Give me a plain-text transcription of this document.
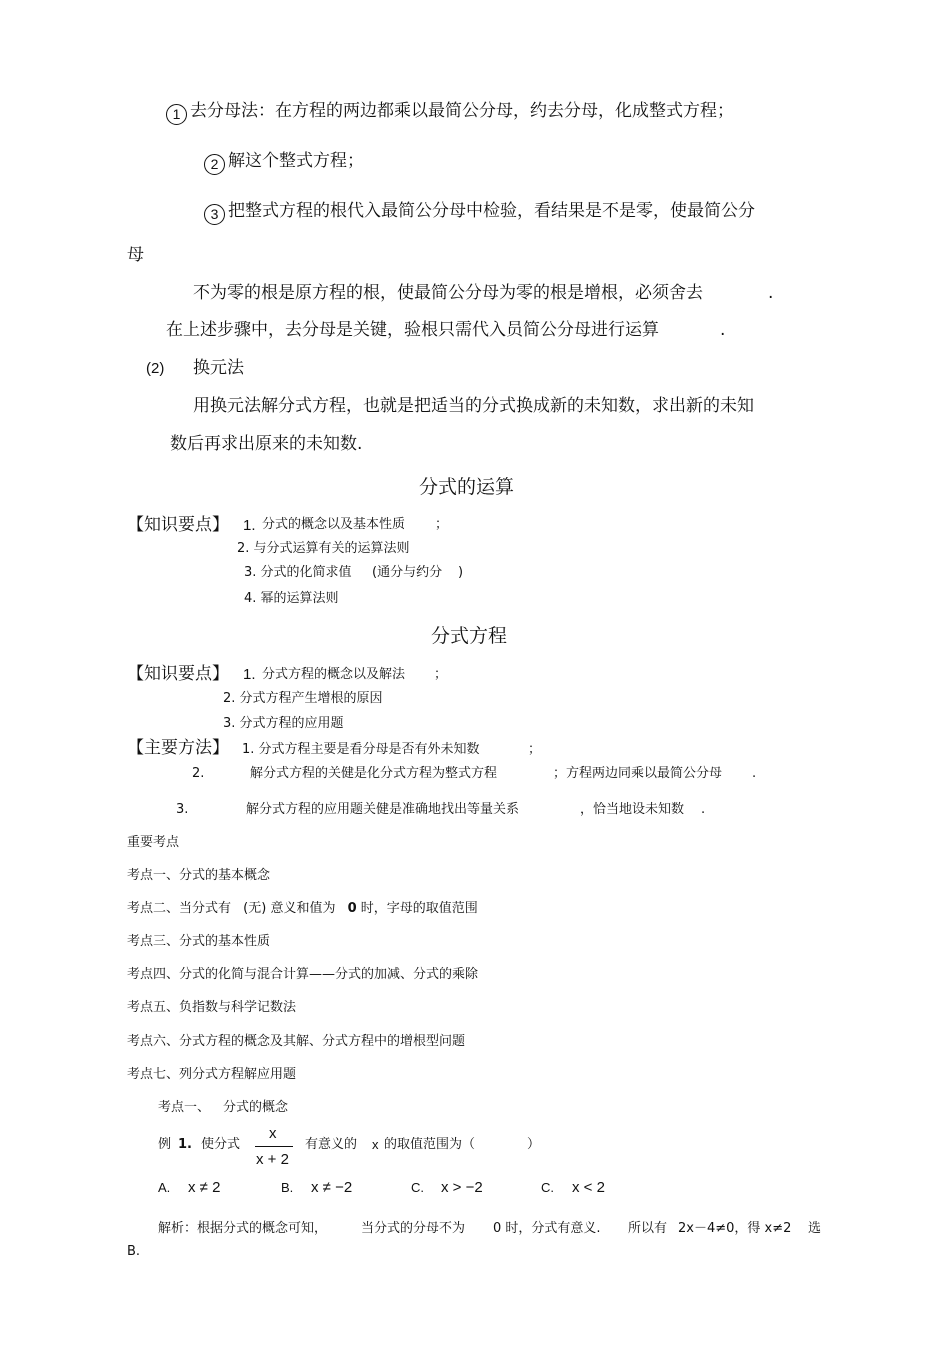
1 去分母法：在方程的两边都乘以最简公分母，约去分母，化成整式方程；
2 解这个整式方程；
3 把整式方程的根代入最简公分母中检验，看结果是不是零，使最简公分
母
不为零的根是原方程的根，使最简公分母为零的根是增根，必须舍去	.
在上述步骤中，去分母是关键，验根只需代入员简公分母进行运算	.
(2) 换元法
用换元法解分式方程，也就是把适当的分式换成新的未知数，求出新的未知
数后再求出原来的未知数.
分式的运算
【知识要点】 1. 分式的概念以及基本性质 ；
2. 与分式运算有关的运算法则
3. 分式的化简求值 (通分与约分 )
4. 幂的运算法则
分式方程
【知识要点】 1. 分式方程的概念以及解法 ；
2. 分式方程产生增根的原因
3. 分式方程的应用题
【主要方法】 1. 分式方程主要是看分母是否有外未知数	；
2.	解分式方程的关健是化分式方程为整式方程	；方程两边同乘以最简公分母 .
3.	解分式方程的应用题关健是准确地找出等量关系	，恰当地设未知数 .
重要考点
考点一、分式的基本概念
考点二、当分式有 (无) 意义和值为 0 时，字母的取值范围
考点三、分式的基本性质
考点四、分式的化简与混合计算——分式的加减、分式的乘除
考点五、负指数与科学记数法
考点六、分式方程的概念及其解、分式方程中的增根型问题
考点七、列分式方程解应用题
考点一、 分式的概念
例 1. 使分式
x
x + 2
有意义的 x 的取值范围为（	）
A. x ≠ 2	B. x ≠ −2	C. x > −2	C. x < 2
解析：根据分式的概念可知，	当分式的分母不为 0 时，分式有意义. 所以有 2x－4≠0，得 x≠2 选
B.
